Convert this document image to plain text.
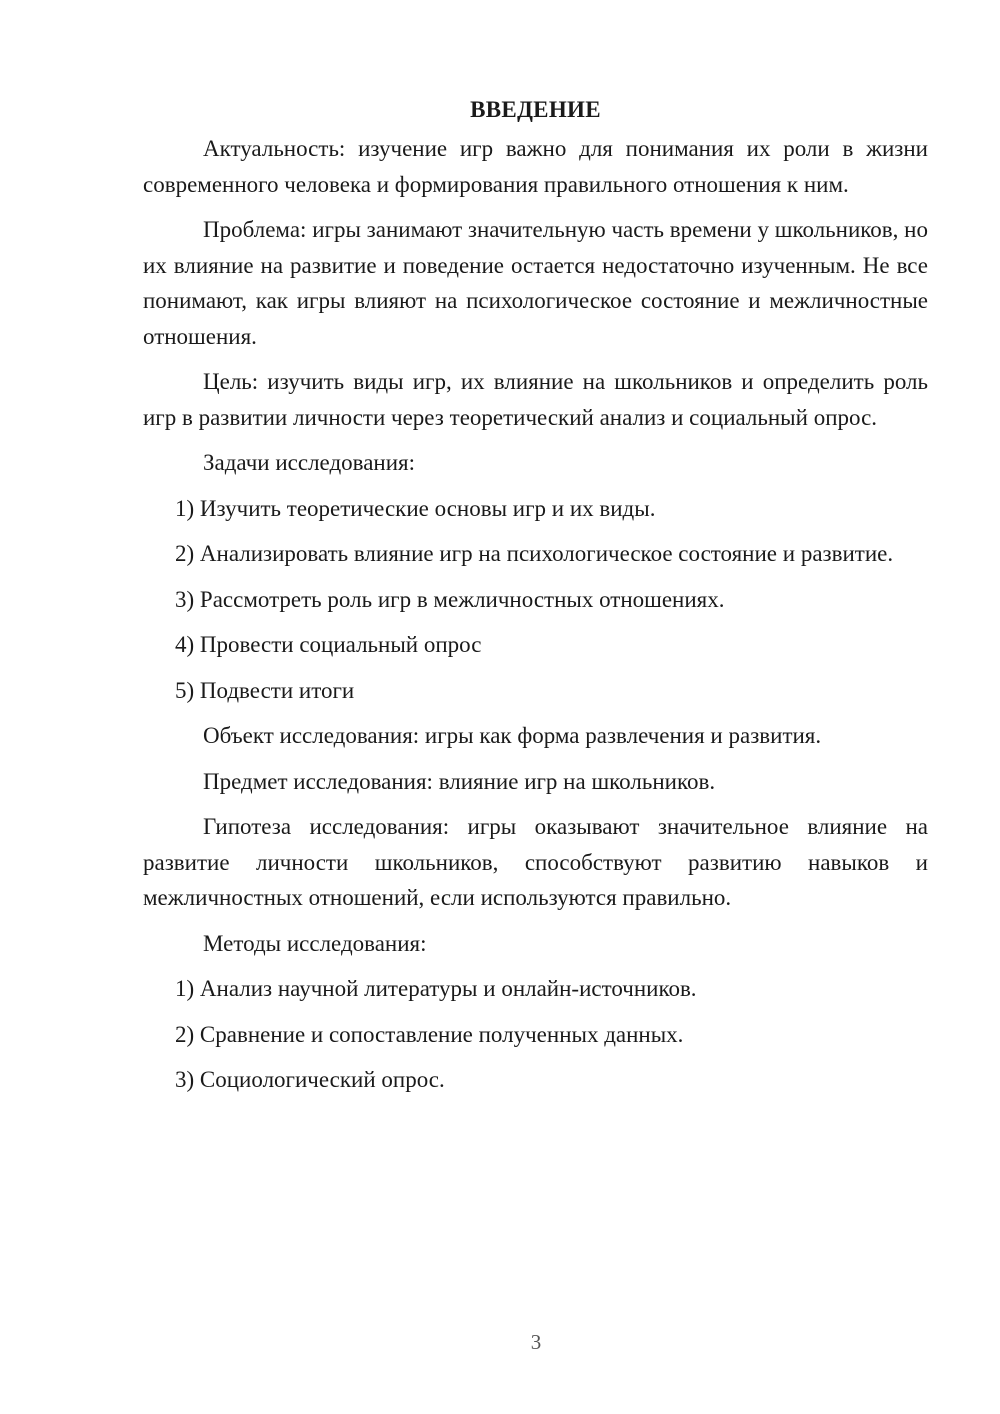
ВВЕДЕНИЕ

Актуальность: изучение игр важно для понимания их роли в жизни современного человека и формирования правильного отношения к ним.

Проблема: игры занимают значительную часть времени у школьников, но их влияние на развитие и поведение остается недостаточно изученным. Не все понимают, как игры влияют на психологическое состояние и межличностные отношения.

Цель: изучить виды игр, их влияние на школьников и определить роль игр в развитии личности через теоретический анализ и социальный опрос.

Задачи исследования:

1) Изучить теоретические основы игр и их виды.

2) Анализировать влияние игр на психологическое состояние и развитие.

3) Рассмотреть роль игр в межличностных отношениях.

4) Провести социальный опрос

5) Подвести итоги

Объект исследования: игры как форма развлечения и развития.

Предмет исследования: влияние игр на школьников.

Гипотеза исследования: игры оказывают значительное влияние на развитие личности школьников, способствуют развитию навыков и межличностных отношений, если используются правильно.

Методы исследования:

1) Анализ научной литературы и онлайн-источников.

2) Сравнение и сопоставление полученных данных.

3) Социологический опрос.

3
